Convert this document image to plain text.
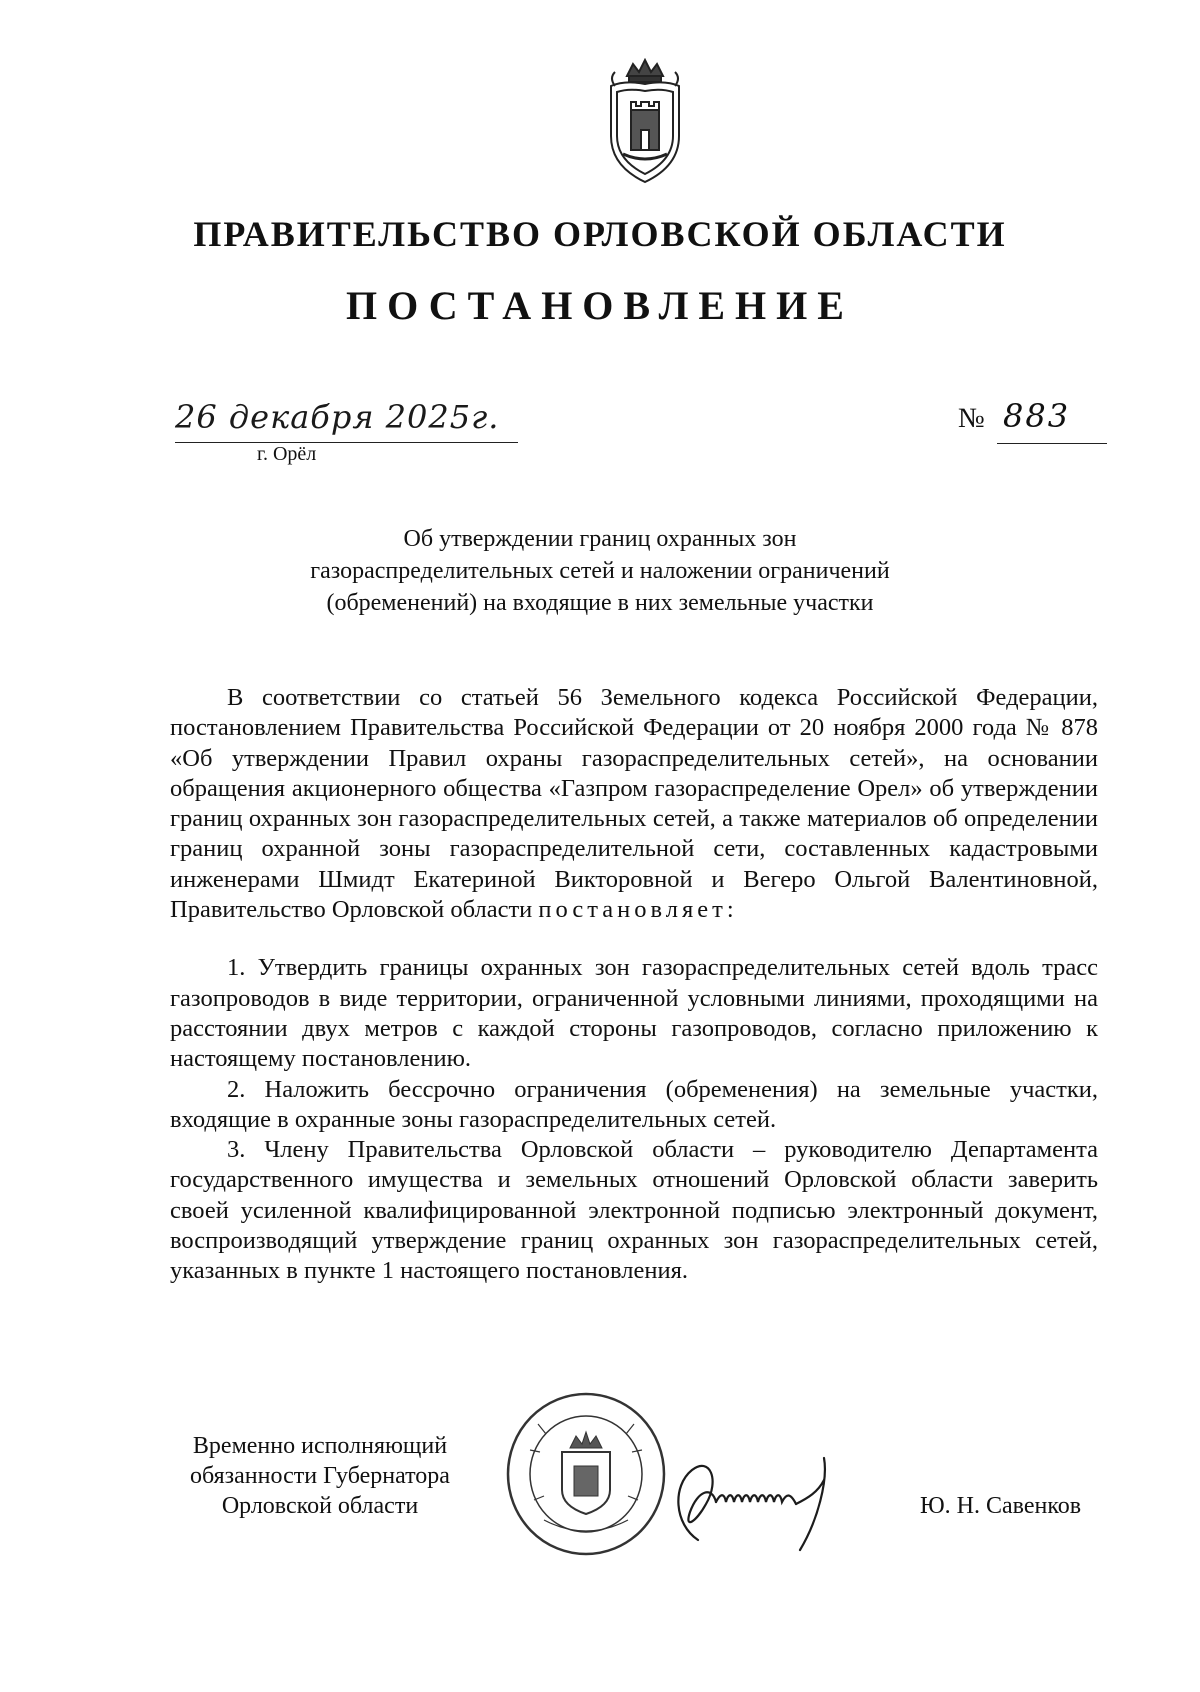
ПРАВИТЕЛЬСТВО ОРЛОВСКОЙ ОБЛАСТИ
ПОСТАНОВЛЕНИЕ
26 декабря 2025г.
г. Орёл
№ 883
Об утверждении границ охранных зон
газораспределительных сетей и наложении ограничений
(обременений) на входящие в них земельные участки

В соответствии со статьей 56 Земельного кодекса Российской Федерации, постановлением Правительства Российской Федерации от 20 ноября 2000 года № 878 «Об утверждении Правил охраны газораспределительных сетей», на основании обращения акционерного общества «Газпром газораспределение Орел» об утверждении границ охранных зон газораспределительных сетей, а также материалов об определении границ охранной зоны газораспределительной сети, составленных кадастровыми инженерами Шмидт Екатериной Викторовной и Вегеро Ольгой Валентиновной, Правительство Орловской области постановляет:

1. Утвердить границы охранных зон газораспределительных сетей вдоль трасс газопроводов в виде территории, ограниченной условными линиями, проходящими на расстоянии двух метров с каждой стороны газопроводов, согласно приложению к настоящему постановлению.

2. Наложить бессрочно ограничения (обременения) на земельные участки, входящие в охранные зоны газораспределительных сетей.

3. Члену Правительства Орловской области – руководителю Департамента государственного имущества и земельных отношений Орловской области заверить своей усиленной квалифицированной электронной подписью электронный документ, воспроизводящий утверждение границ охранных зон газораспределительных сетей, указанных в пункте 1 настоящего постановления.

Временно исполняющий
обязанности Губернатора
Орловской области	Ю. Н. Савенков
